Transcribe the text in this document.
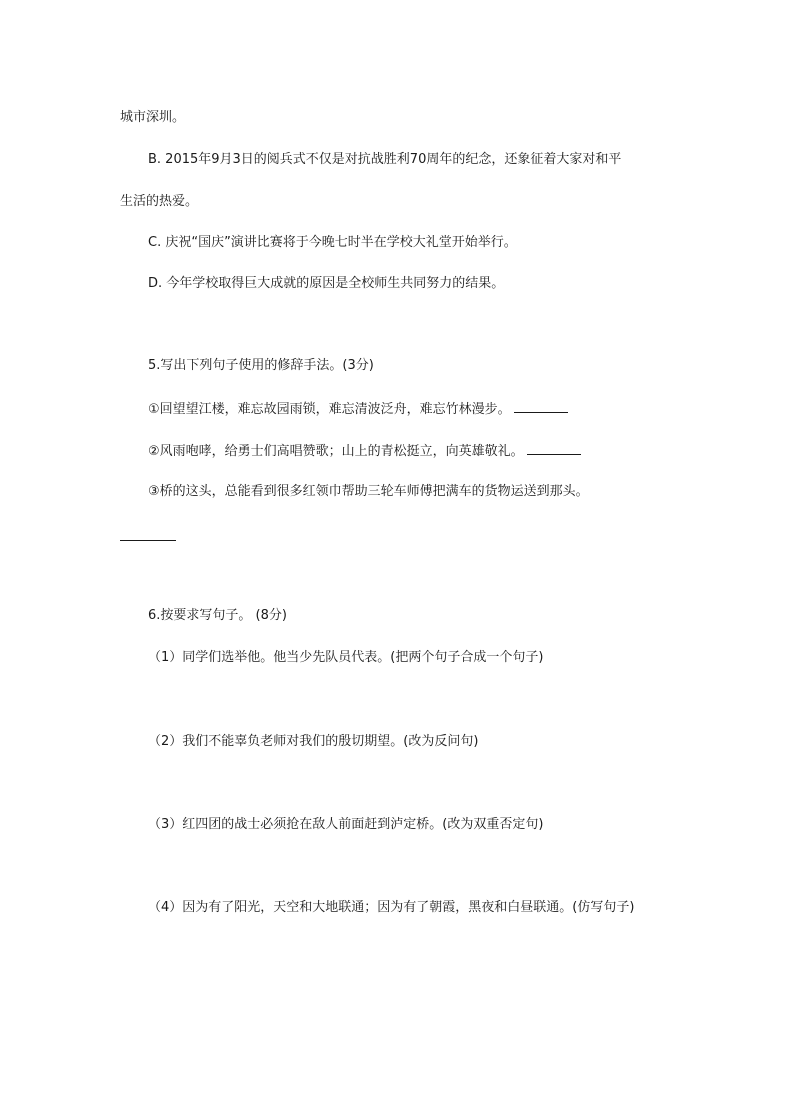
城市深圳。
B. 2015年9月3日的阅兵式不仅是对抗战胜利70周年的纪念，还象征着大家对和平
生活的热爱。
C. 庆祝“国庆”演讲比赛将于今晚七时半在学校大礼堂开始举行。
D. 今年学校取得巨大成就的原因是全校师生共同努力的结果。
5.写出下列句子使用的修辞手法。(3分)
①回望望江楼，难忘故园雨锁，难忘清波泛舟，难忘竹林漫步。
②风雨咆哮，给勇士们高唱赞歌；山上的青松挺立，向英雄敬礼。
③桥的这头，总能看到很多红领巾帮助三轮车师傅把满车的货物运送到那头。
6.按要求写句子。 (8分)
（1）同学们选举他。他当少先队员代表。(把两个句子合成一个句子)
（2）我们不能辜负老师对我们的殷切期望。(改为反问句)
（3）红四团的战士必须抢在敌人前面赶到泸定桥。(改为双重否定句)
（4）因为有了阳光，天空和大地联通；因为有了朝霞，黑夜和白昼联通。(仿写句子)
